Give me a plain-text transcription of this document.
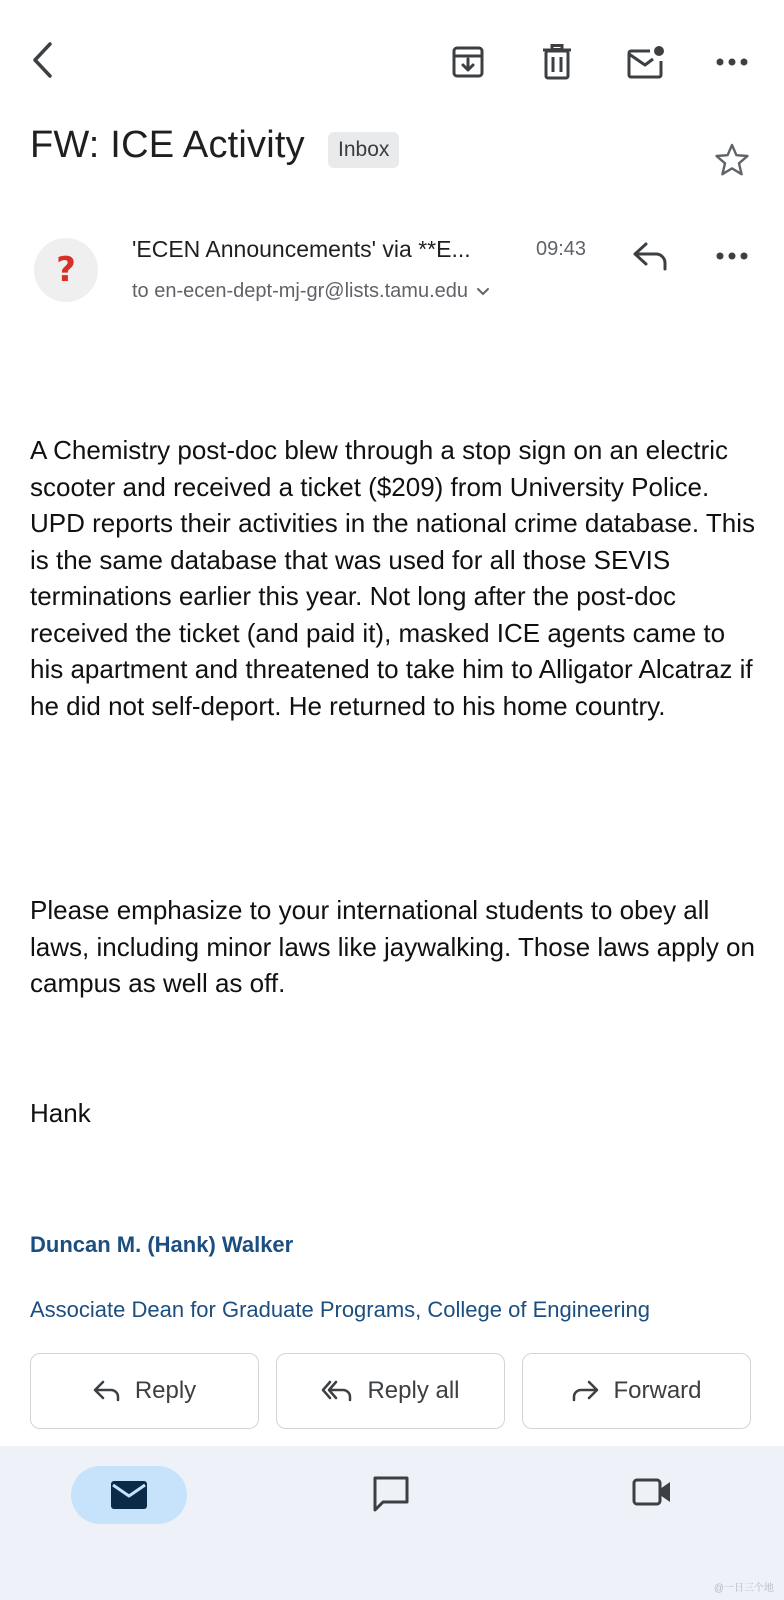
FW: ICE Activity	Inbox
?
'ECEN Announcements' via **E...	09:43
to en-ecen-dept-mj-gr@lists.tamu.edu

A Chemistry post-doc blew through a stop sign on an electric scooter and received a ticket ($209) from University Police. UPD reports their activities in the national crime database. This is the same database that was used for all those SEVIS terminations earlier this year. Not long after the post-doc received the ticket (and paid it), masked ICE agents came to his apartment and threatened to take him to Alligator Alcatraz if he did not self-deport. He returned to his home country.

Please emphasize to your international students to obey all laws, including minor laws like jaywalking. Those laws apply on campus as well as off.

Hank

Duncan M. (Hank) Walker
Associate Dean for Graduate Programs, College of Engineering
Reply	Reply all	Forward
@一日三个地
